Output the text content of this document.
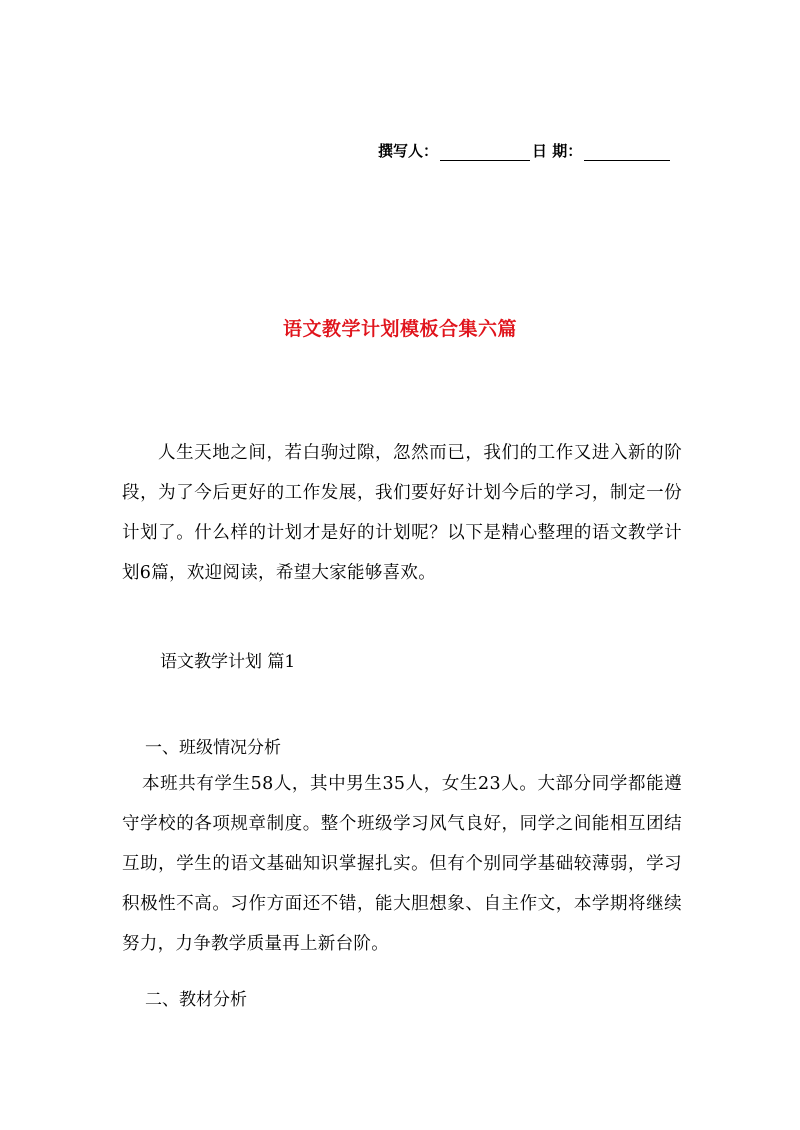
撰写人：	日 期：
语文教学计划模板合集六篇
人生天地之间，若白驹过隙，忽然而已，我们的工作又进入新的阶段，为了今后更好的工作发展，我们要好好计划今后的学习，制定一份计划了。什么样的计划才是好的计划呢？以下是精心整理的语文教学计划6篇，欢迎阅读，希望大家能够喜欢。
语文教学计划 篇1
一、班级情况分析
本班共有学生58人，其中男生35人，女生23人。大部分同学都能遵守学校的各项规章制度。整个班级学习风气良好，同学之间能相互团结互助，学生的语文基础知识掌握扎实。但有个别同学基础较薄弱，学习积极性不高。习作方面还不错，能大胆想象、自主作文，本学期将继续努力，力争教学质量再上新台阶。
二、教材分析
